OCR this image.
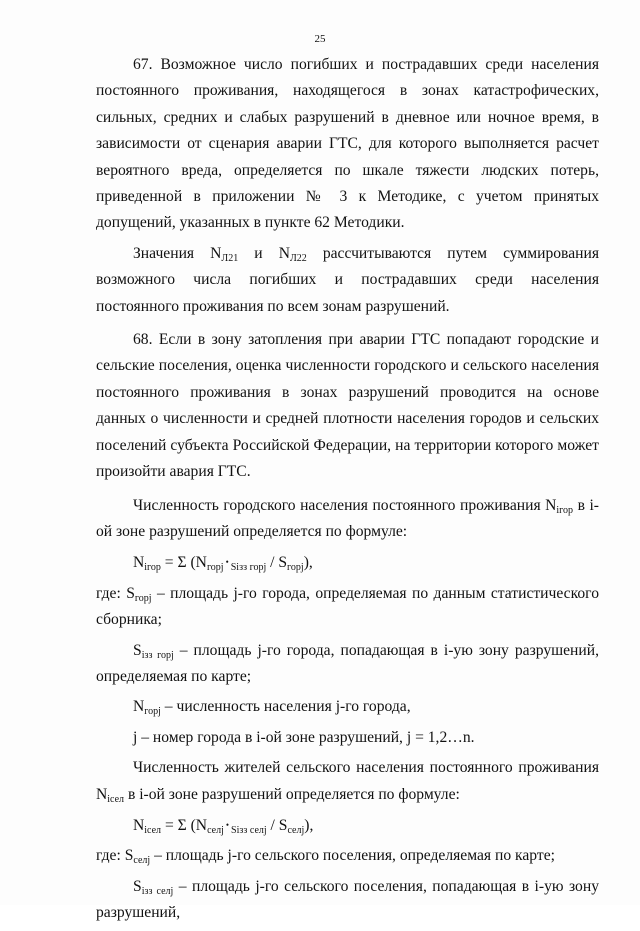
25

67. Возможное число погибших и пострадавших среди населения постоянного проживания, находящегося в зонах катастрофических, сильных, средних и слабых разрушений в дневное или ночное время, в зависимости от сценария аварии ГТС, для которого выполняется расчет вероятного вреда, определяется по шкале тяжести людских потерь, приведенной в приложении № 3 к Методике, с учетом принятых допущений, указанных в пункте 62 Методики.

Значения $N_{Л21}$ и $N_{Л22}$ рассчитываются путем суммирования возможного числа погибших и пострадавших среди населения постоянного проживания по всем зонам разрушений.

68. Если в зону затопления при аварии ГТС попадают городские и сельские поселения, оценка численности городского и сельского населения постоянного проживания в зонах разрушений проводится на основе данных о численности и средней плотности населения городов и сельских поселений субъекта Российской Федерации, на территории которого может произойти авария ГТС.

Численность городского населения постоянного проживания $N_{iгор}$ в i-ой зоне разрушений определяется по формуле:

$N_{iгор} = \Sigma$ ($N_{горj}$ • $_{Siзз горj} / S_{горj}$),

где: $S_{горj}$ – площадь j-го города, определяемая по данным статистического сборника;

$S_{iзз горj}$ – площадь j-го города, попадающая в i-ую зону разрушений, определяемая по карте;

$N_{горj}$ – численность населения j-го города,

j – номер города в i-ой зоне разрушений, j = 1,2…n.

Численность жителей сельского населения постоянного проживания $N_{iсел}$ в i-ой зоне разрушений определяется по формуле:

$N_{iсел} = \Sigma$ ($N_{селj}$ • $_{Siзз селj} / S_{селj}$),

где: $S_{селj}$ – площадь j-го сельского поселения, определяемая по карте;

$S_{iзз селj}$ – площадь j-го сельского поселения, попадающая в i-ую зону разрушений,
